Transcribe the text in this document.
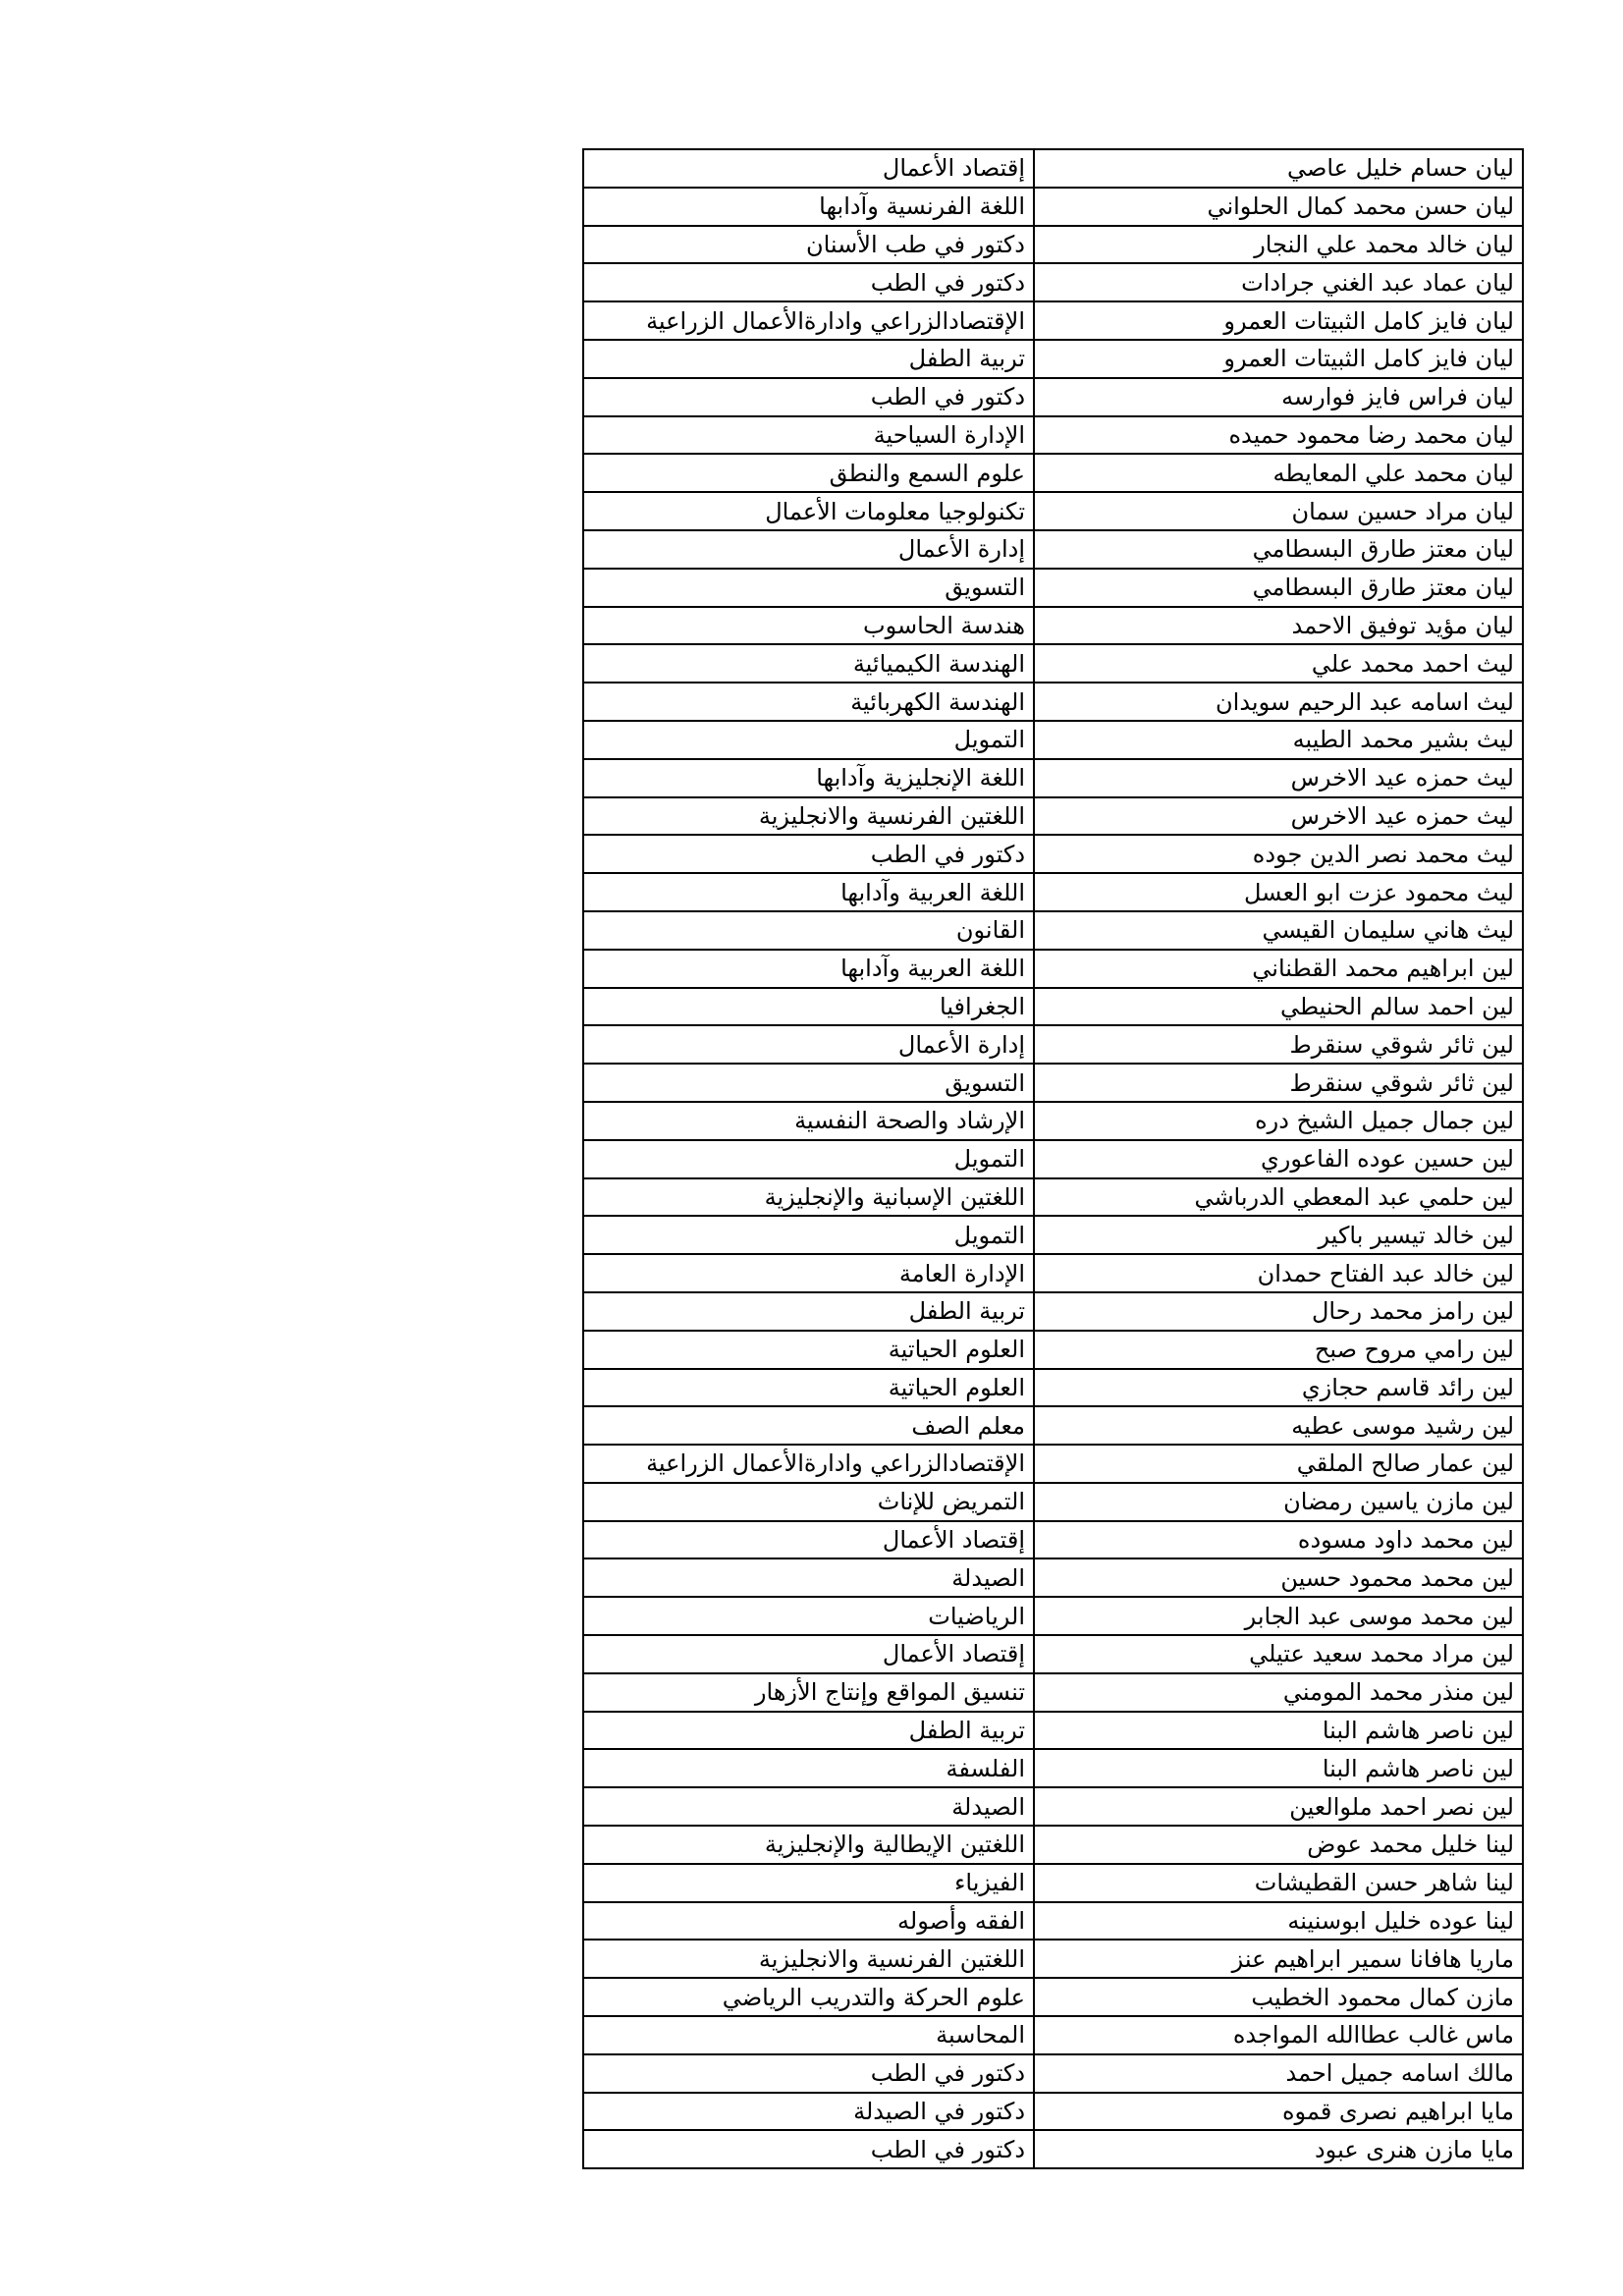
ليان حسام خليل عاصي	إقتصاد الأعمال
ليان حسن محمد كمال الحلواني	اللغة الفرنسية وآدابها
ليان خالد محمد علي النجار	دكتور في طب الأسنان
ليان عماد عبد الغني جرادات	دكتور في الطب
ليان فايز كامل الثبيتات العمرو	الإقتصادالزراعي وادارةالأعمال الزراعية
ليان فايز كامل الثبيتات العمرو	تربية الطفل
ليان فراس فايز فوارسه	دكتور في الطب
ليان محمد رضا محمود حميده	الإدارة السياحية
ليان محمد علي المعايطه	علوم السمع والنطق
ليان مراد حسين سمان	تكنولوجيا معلومات الأعمال
ليان معتز طارق البسطامي	إدارة الأعمال
ليان معتز طارق البسطامي	التسويق
ليان مؤيد توفيق الاحمد	هندسة الحاسوب
ليث احمد محمد علي	الهندسة الكيميائية
ليث اسامه عبد الرحيم سويدان	الهندسة الكهربائية
ليث بشير محمد الطيبه	التمويل
ليث حمزه عيد الاخرس	اللغة الإنجليزية وآدابها
ليث حمزه عيد الاخرس	اللغتين الفرنسية والانجليزية
ليث محمد نصر الدين جوده	دكتور في الطب
ليث محمود عزت ابو العسل	اللغة العربية وآدابها
ليث هاني سليمان القيسي	القانون
لين ابراهيم محمد القطناني	اللغة العربية وآدابها
لين احمد سالم الحنيطي	الجغرافيا
لين ثائر شوقي سنقرط	إدارة الأعمال
لين ثائر شوقي سنقرط	التسويق
لين جمال جميل الشيخ دره	الإرشاد والصحة النفسية
لين حسين عوده الفاعوري	التمويل
لين حلمي عبد المعطي الدرباشي	اللغتين الإسبانية والإنجليزية
لين خالد تيسير باكير	التمويل
لين خالد عبد الفتاح حمدان	الإدارة العامة
لين رامز محمد رحال	تربية الطفل
لين رامي مروح صبح	العلوم الحياتية
لين رائد قاسم حجازي	العلوم الحياتية
لين رشيد موسى عطيه	معلم الصف
لين عمار صالح الملقي	الإقتصادالزراعي وادارةالأعمال الزراعية
لين مازن ياسين رمضان	التمريض للإناث
لين محمد داود مسوده	إقتصاد الأعمال
لين محمد محمود حسين	الصيدلة
لين محمد موسى عبد الجابر	الرياضيات
لين مراد محمد سعيد عتيلي	إقتصاد الأعمال
لين منذر محمد المومني	تنسيق المواقع وإنتاج الأزهار
لين ناصر هاشم البنا	تربية الطفل
لين ناصر هاشم البنا	الفلسفة
لين نصر احمد ملوالعين	الصيدلة
لينا خليل محمد عوض	اللغتين الإيطالية والإنجليزية
لينا شاهر حسن القطيشات	الفيزياء
لينا عوده خليل ابوسنينه	الفقه وأصوله
ماريا هافانا سمير ابراهيم عنز	اللغتين الفرنسية والانجليزية
مازن كمال محمود الخطيب	علوم الحركة والتدريب الرياضي
ماس غالب عطاالله المواجده	المحاسبة
مالك اسامه جميل احمد	دكتور في الطب
مايا ابراهيم نصرى قموه	دكتور في الصيدلة
مايا مازن هنرى عبود	دكتور في الطب
